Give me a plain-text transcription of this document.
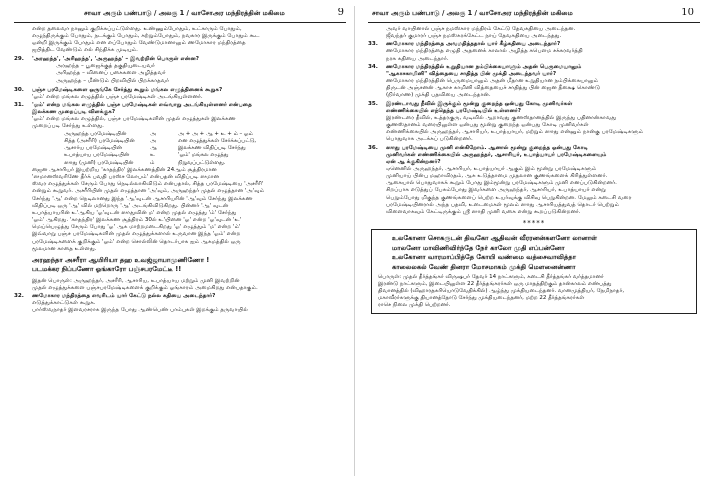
சாவா அரும் பண்பாடு / அலகு 1 / வாசோஅர மந்திரத்தின் மகிமை	9
என்ற தலைவா நானும் குறிக்கப்பட்டுள்ளது. உண்ணும்போதும், உட்காரும் போதும்,
எழுந்திருக்கும் போதும், நடக்கும் போதும், சுற்றும்போதும், நவகார இருக்கும் போதும் கூட
ஒன்றி இருக்கும் போதும் என எப்போதும் வேண்டுமானாலும் ணமோகார மந்திரத்தை
ஜபித்திட வேண்டும் எல் சிந்திக்க முடியும்.
29. 'அரஹந்த', 'அரிஹந்த', 'அருஹந்த' – இவற்றின் பொருள் என்ன?
அரஹந்த – பூஜைக்குத் தகுதியுடையவர்
அரிஹந்த – வினைப் பகைகளை அழித்தவர்
அருஹந்த – மீண்டும் பிறவியில் பிறக்காதவர்
30. பஞ்ச பரமேஷ்டிகளை ஒருங்கே சேர்த்து கூறும் மங்கல எழுத்தினைக் கூறுக?
'ஓம்' என்ற மங்கல எழுத்தில் பஞ்ச பரமேஷ்டிகள் அடங்கியுள்ளனர்.
31. 'ஓம்' என்ற மங்கல எழுத்தில் பஞ்ச பரமேஷ்டிகள் எவ்வாறு அடங்கியுள்ளனர் என்பதை
இலக்கண முறைப்படி விளக்குக?
'ஓம்' என்ற மங்கல எழுத்தில், பஞ்ச பரமேஷ்டிகளின் முதல் எழுத்துகள் இலக்கண
முறைப்படி சேர்ந்து உள்ளது.
அருஹந்த பரமேஷ்டியின்	அ	அ + அ + ஆ + உ + ம் – ஓம்
சித்த (அசரீரி) பரமேஷ்டியின்	அ	என எழுத்துக்கள் சேர்க்கப்பட்டு,
ஆசார்ய பரமேஷ்டியின்	ஆ	இலக்கண விதிப்படி சேர்ந்து
உபாத்யாய பரமேஷ்டியின்	உ	'ஓம்' மங்கல எழுத்து
ஸாது (முனி) பரமேஷ்டியின்	ம்	நிறுவப்பட்டுள்ளது.
ஜைன ஆசாரியர் இயற்றிய 'காதந்திர' இலக்கணத்தின் 24ஆம் சூத்திரமான
'ஸமானஸ்வரிணே தீர்க் பவதி பரஸ்ச லோபம்' என்பதன் விதிப்படி ஸமான
ஸ்வர எழுத்துக்கள் சேரும் போது நெடில்லாகிவிடும் என்பதால், சித்த பரமேஷ்டியை 'அசரீரி'
என்றும் கூறுவர். அசரீரியின் முதல் எழுத்தான 'அ'வும், அருஹந்தர் முதல் எழுத்தான 'அ'வும்
சேர்ந்து 'ஆ' என்ற நெடிலானது இந்த 'ஆ'வுடன் ஆசாரியரின் 'ஆ'வும் சேர்ந்து இலக்கண
விதிப்படி ஒரு 'ஆ' வில் மற்றொரு 'ஆ' அடங்கிவிடுகிறது. பின்னர் 'ஆ' வுடன்
உபாத்யாயரின் உ'ஆகிய 'ஓ'வுடன் ஸாதுவின் ம' என்ற முதல் எழுத்து 'ம்' சேர்ந்து
'ஓம்' ஆகிறது. 'காதந்திர' இலக்கண சூத்திரம் 30ல் உ'யினை 'ஓ' என்ற 'ஓ'வுடன் 'உ'
மெய்யெழுத்து சேரும் போது 'ஓ' ஆக மாற்றமடைகிறது 'ஓ' எழுத்தும் 'ம' என்ற 'ம்'
இவ்வாறு பஞ்ச பரமேஷ்டிகளின் முதல் எழுத்துக்களால் உருவான இந்த 'ஓம்' என்ற
பரமேஷ்டிகளைக் குறிக்கும் 'ஓம்' என்ற சொல்லின் தொடர்பாக ஐம் ஆகமத்தில் ஒரு
மூலமான காதை உள்ளது.
அரஹந்தா அசரீரா ஆயிரியா தஹ உவஜ்ஜாயாமுணிணோ !
படமக்கர நிப்பணோ ஓங்காரோ பஞ்சபரமேட்டீ !!
இதன் பொருள்: அருஹந்தர், அசரீரி, ஆசாரிய, உபாத்யாய மற்றும் முனி இவற்றின்
முதல் எழுத்துக்களை பஞ்சபரமேஷ்டிகளைக் குறிக்கும் ஓங்காரம் அமைகிறது என்பதாகும்.
32. ணமோகார மந்திரத்தை எவரிடம் யார் கேட்டு நல்ல கதியை அடைந்தார்?
எடுத்துக்காட்டுகள் கூறுக.
பார்ஸ்வநாதர் இளவரசராக இருந்த போது ஆண்பெண் பாம்புகள் இறக்கும் தருவாயில்
சாவா அரும் பண்பாடு / அலகு 1 / வாசோஅர மந்திரத்தின் மகிமை	10
அவர் வாயினால் பஞ்ச நமஸ்கார மந்திரம் கேட்டு தேவகதியை அடைந்தன.
ஜீவந்தர் குமாரர் பஞ்ச நமஸ்கரக்கேட்ட நாய் தேவகதியை அடைந்தது.
33. ணமோகார மந்திரத்தை அவமதித்ததால் யார் கீழ்கதியை அடைந்தார்?
ணமோகார மந்திரத்தை எழுதி அதனைக் காலால் அழித்த சுபௌம சக்கரவர்த்தி
நரக கதியை அடைந்தார்.
34. ணமோகார மந்திரத்தில் உறுதியான நம்பிக்கையாளும் அதன் பெருமையாலும்
"ஆகாசகாமினி" வித்தையை சாதித்த பின் முக்தி அடைந்தவர் யார்?
ணமோகார மந்திரத்தின் பெருமையாலும் அதன் மீதான உறுதியான நம்பிக்கையாலும்
திருடன் அஞ்சனன் ஆகாச காமினி வித்தையைச் சாதித்து பின் ஜைன தீக்ஷை கொண்டு
(நிர்வாண) முக்தி பதவியை அடைந்தான்.
35. இரண்டாவது நீவில் இருக்கும் மூன்று குறைந்த ஒன்பது கோடி முனிவர்கள்
எண்ணிக்கையில் எந்தெந்த பரமேஷ்டியில் உள்ளனர்?
இரண்டரை தீவில், உத்தரகுரு, வடிவில் ஆறாவது குணஸ்தானத்தில் இருந்து பதினான்காவது
குணஸ்தானம் வரையிலுள்ள ஒன்பது மூன்று குறைந்த ஒன்பது கோடி முனிவர்கள்
எண்ணிக்கையில் அருஹந்தர், ஆசாரியர், உபாத்யாயர், மற்றும் ஸாது என்னும் நான்கு பரமேஷ்டிகளும்
பொதுவாக அடக்கப் படுகின்றனர்.
36. ஸாது பரமேஷ்டியை முனி என்கிறோம். ஆனால் மூன்று குறைந்த ஒன்பது கோடி
முனிவர்கள் எண்ணிக்கையில் அருஹந்தர், ஆசாரியர், உபாத்யாயர் பரமேஷ்டிகளையும்
ஏன் ஆ க்குகின்றனர்?
ஏனெனில் அருஹந்தர், ஆசாரியர், உபாத்யாயர் ஆகும் இம் மூன்று பரமேஷ்டிகளும்
முனியாய் பின்பு மஹாவிரதம், ஆசு உடுத்தாமை முதலான குணங்களைக் கிரித்துள்ளனர்.
ஆகையால் பொதுவாகக் கூறும் போது இம்மூன்று பரமேஷ்டிகளும் முனி எனப்படுகின்றனர்.
சிறப்பாக எடுத்துப் பேசும்போது இவர்களை அருஹந்தர், ஆசாரியர், உபாத்யாயர் என்று
பெறும்போது மிகுந்த குணங்களைப் பெற்ற உயர்வுக்கு விசிவு பெறுகின்றன. மேலும் கடைசி வரை
பரமேஷ்டியினரால் அந்த பதவி, உடைமைகள் மூலம் ஸாது ஆசாரியத்துவத் தொடர் பெற்றும்
விளைவாகவும் கேட்டிருக்கும் ஸ்ரீ ஸாதி முனி வகை என்று கூறப்படுகின்றனர்.
*****
உலகோனா சொகருடன் திவகோ ஆதிவன் வீரரனன்களனோ லானாள்
மாலனோ மாவிணிவிர்ந்தே நேர் காலோ முதி எப்பன்னோ
உலகோனா வாரமாப்பித்தே கோயி வண்மை வத்சைவாவித்தா
காலைலகல் வேண் தினரா மோசமாகம் முக்தி மௌனைன்ணா
பொருள்: முதல் தீர்த்தங்கர் விருஷபர் தேவர் 14 நாட்களும், கடைசி தீர்த்தங்கர் வர்த்தமானர்
இரண்டு நாட்களும், இடையிலுள்ள 22 தீர்த்தங்கரர்கள் ஒரு மாதத்திற்கும் தான்காலம் எண்பத்து
திவானத்தில் (விஹாரதகரியொடுவேதிக்கில்) ஆழ்ந்து முக்தியடைந்தனர். வானமுத்தியர், நேமிநாதர்,
மகாவீரர்களுக்கு தியானத்தோடு சேர்ந்து முக்தியடைந்தனர், மற்ற 22 தீர்த்தங்கரர்கள்
ராசெ நிலை முக்தி பெற்றனர்.
